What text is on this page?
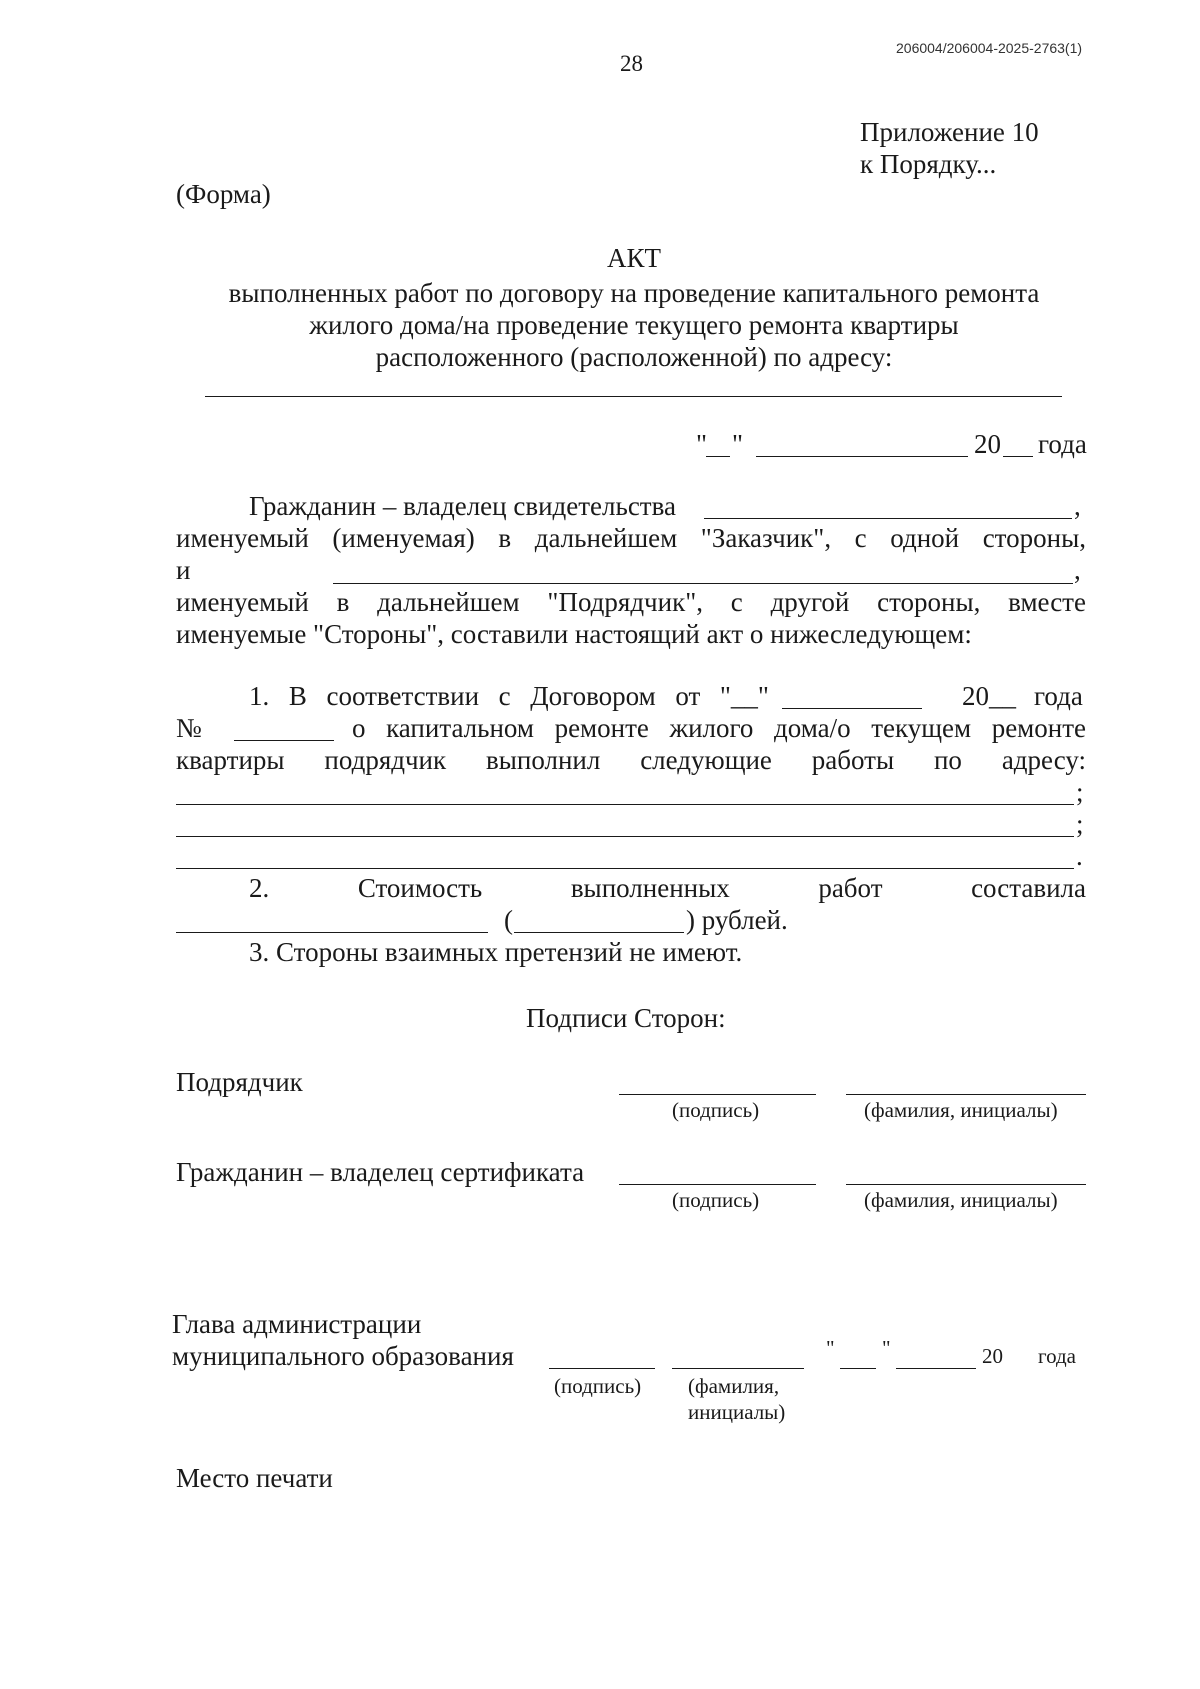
206004/206004-2025-2763(1)
28
Приложение 10
к Порядку...
(Форма)
АКТ
выполненных работ по договору на проведение капитального ремонта
жилого дома/на проведение текущего ремонта квартиры
расположенного (расположенной) по адресу:
" "	20 года
Гражданин – владелец свидетельства	,
именуемый (именуемая) в дальнейшем "Заказчик", с одной стороны,
и	,
именуемый в дальнейшем "Подрядчик", с другой стороны, вместе
именуемые "Стороны", составили настоящий акт о нижеследующем:
1. В соответствии с Договором от "__"	20__ года
№	о капитальном ремонте жилого дома/о текущем ремонте
квартиры подрядчик выполнил следующие работы по адресу:
;
;
.
2.	Стоимость	выполненных	работ	составила
(	) рублей.
3. Стороны взаимных претензий не имеют.
Подписи Сторон:
Подрядчик
(подпись)	(фамилия, инициалы)
Гражданин – владелец сертификата
(подпись)	(фамилия, инициалы)
Глава администрации
муниципального образования	" "	20 года
(подпись) (фамилия,
инициалы)
Место печати
